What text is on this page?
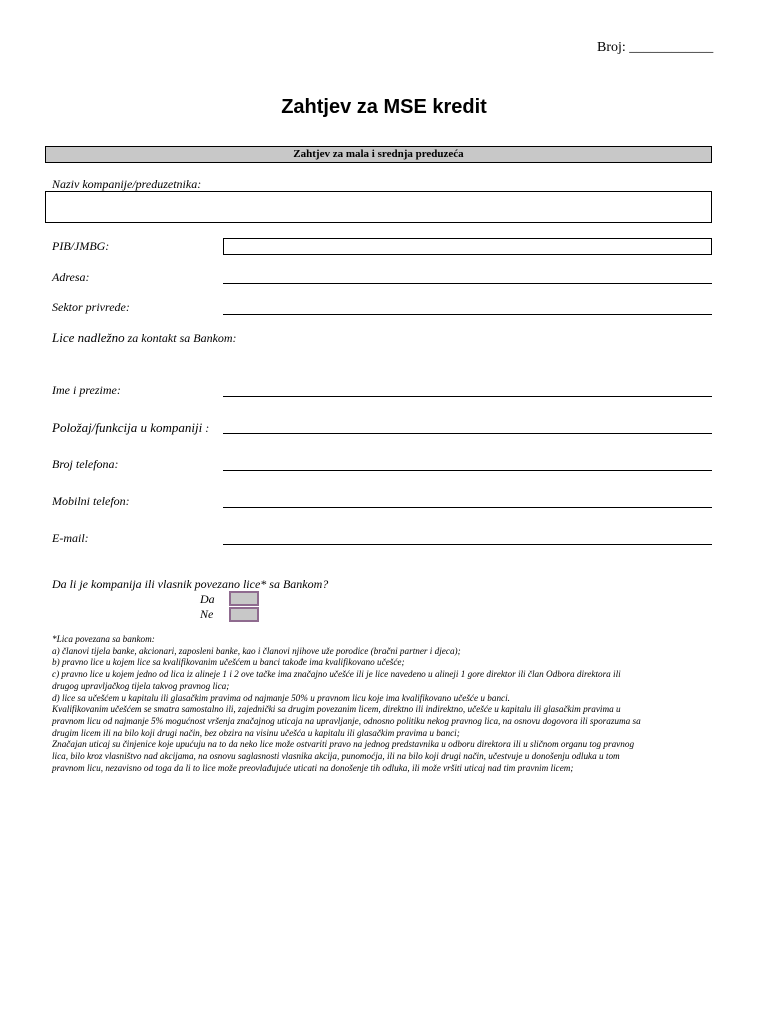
Broj: ____________
Zahtjev za MSE kredit
Zahtjev za mala i srednja preduzeća
Naziv kompanije/preduzetnika:
PIB/JMBG:
Adresa:
Sektor privrede:
Lice nadležno za kontakt sa Bankom:
Ime i prezime:
Položaj/funkcija u kompaniji :
Broj telefona:
Mobilni telefon:
E-mail:
Da li je kompanija ili vlasnik povezano lice* sa Bankom?
Da
Ne
*Lica povezana sa bankom:
a) članovi tijela banke, akcionari, zaposleni banke, kao i članovi njihove uže porodice (bračni partner i djeca);
b) pravno lice u kojem lice sa kvalifikovanim učešćem u banci takođe ima kvalifikovano učešće;
c) pravno lice u kojem jedno od lica iz alineje 1 i 2 ove tačke ima značajno učešće ili je lice navedeno u alineji 1 gore direktor ili član Odbora direktora ili
drugog upravljačkog tijela takvog pravnog lica;
d) lice sa učešćem u kapitalu ili glasačkim pravima od najmanje 50% u pravnom licu koje ima kvalifikovano učešće u banci.
Kvalifikovanim učešćem se smatra samostalno ili, zajednički sa drugim povezanim licem, direktno ili indirektno, učešće u kapitalu ili glasačkim pravima u
pravnom licu od najmanje 5% mogućnost vršenja značajnog uticaja na upravljanje, odnosno politiku nekog pravnog lica, na osnovu dogovora ili sporazuma sa
drugim licem ili na bilo koji drugi način, bez obzira na visinu učešća u kapitalu ili glasačkim pravima u banci;
Značajan uticaj su činjenice koje upućuju na to da neko lice može ostvariti pravo na jednog predstavnika u odboru direktora ili u sličnom organu tog pravnog
lica, bilo kroz vlasništvo nad akcijama, na osnovu saglasnosti vlasnika akcija, punomoćja, ili na bilo koji drugi način, učestvuje u donošenju odluka u tom
pravnom licu, nezavisno od toga da li to lice može preovlađujuće uticati na donošenje tih odluka, ili može vršiti uticaj nad tim pravnim licem;
